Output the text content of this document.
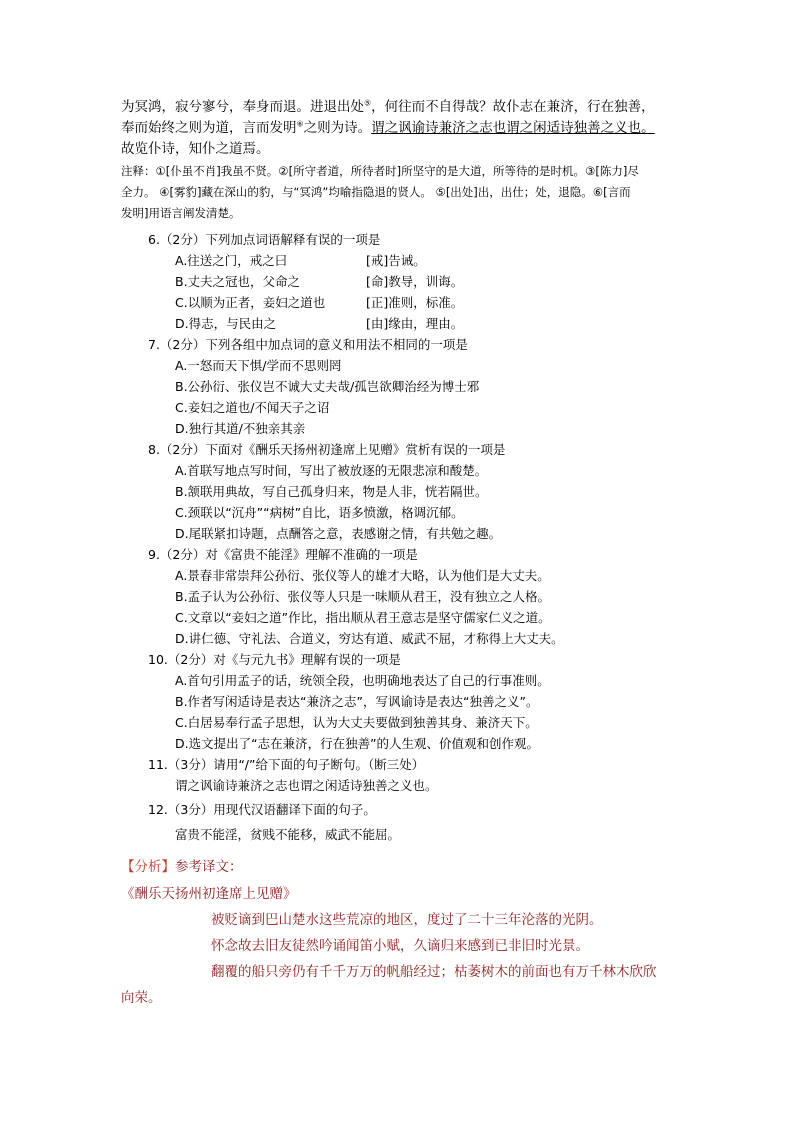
为冥鸿，寂兮寥兮，奉身而退。进退出处⑤，何往而不自得哉？故仆志在兼济，行在独善，
奉而始终之则为道，言而发明⑥之则为诗。谓之讽谕诗兼济之志也谓之闲适诗独善之义也。
故览仆诗，知仆之道焉。
注释：①[仆虽不肖]我虽不贤。②[所守者道，所待者时]所坚守的是大道，所等待的是时机。③[陈力]尽
全力。 ④[雾豹]藏在深山的豹，与“冥鸿”均喻指隐退的贤人。 ⑤[出处]出，出仕；处，退隐。⑥[言而
发明]用语言阐发清楚。
6.（2分）下列加点词语解释有误的一项是
A.往送之门，戒之曰	[戒]告诫。
B.丈夫之冠也，父命之	[命]教导，训诲。
C.以顺为正者，妾妇之道也	[正]准则，标准。
D.得志，与民由之	[由]缘由，理由。
7.（2分）下列各组中加点词的意义和用法不相同的一项是
A.一怒而天下惧/学而不思则罔
B.公孙衍、张仪岂不诚大丈夫哉/孤岂欲卿治经为博士邪
C.妾妇之道也/不闻天子之诏
D.独行其道/不独亲其亲
8.（2分）下面对《酬乐天扬州初逢席上见赠》赏析有误的一项是
A.首联写地点写时间，写出了被放逐的无限悲凉和酸楚。
B.颔联用典故，写自己孤身归来，物是人非，恍若隔世。
C.颈联以“沉舟”“病树”自比，语多愤激，格调沉郁。
D.尾联紧扣诗题，点酬答之意，表感谢之情，有共勉之趣。
9.（2分）对《富贵不能淫》理解不准确的一项是
A.景春非常崇拜公孙衍、张仪等人的雄才大略，认为他们是大丈夫。
B.孟子认为公孙衍、张仪等人只是一味顺从君王，没有独立之人格。
C.文章以“妾妇之道”作比，指出顺从君王意志是坚守儒家仁义之道。
D.讲仁德、守礼法、合道义，穷达有道、威武不屈，才称得上大丈夫。
10.（2分）对《与元九书》理解有误的一项是
A.首句引用孟子的话，统领全段，也明确地表达了自己的行事准则。
B.作者写闲适诗是表达“兼济之志”，写讽谕诗是表达“独善之义”。
C.白居易奉行孟子思想，认为大丈夫要做到独善其身、兼济天下。
D.选文提出了“志在兼济，行在独善”的人生观、价值观和创作观。
11.（3分）请用“/”给下面的句子断句。（断三处）
谓之讽谕诗兼济之志也谓之闲适诗独善之义也。
12.（3分）用现代汉语翻译下面的句子。
富贵不能淫，贫贱不能移，威武不能屈。
【分析】参考译文：
《酬乐天扬州初逢席上见赠》
被贬谪到巴山楚水这些荒凉的地区，度过了二十三年沦落的光阴。
怀念故去旧友徒然吟诵闻笛小赋，久谪归来感到已非旧时光景。
翻覆的船只旁仍有千千万万的帆船经过；枯萎树木的前面也有万千林木欣欣
向荣。
